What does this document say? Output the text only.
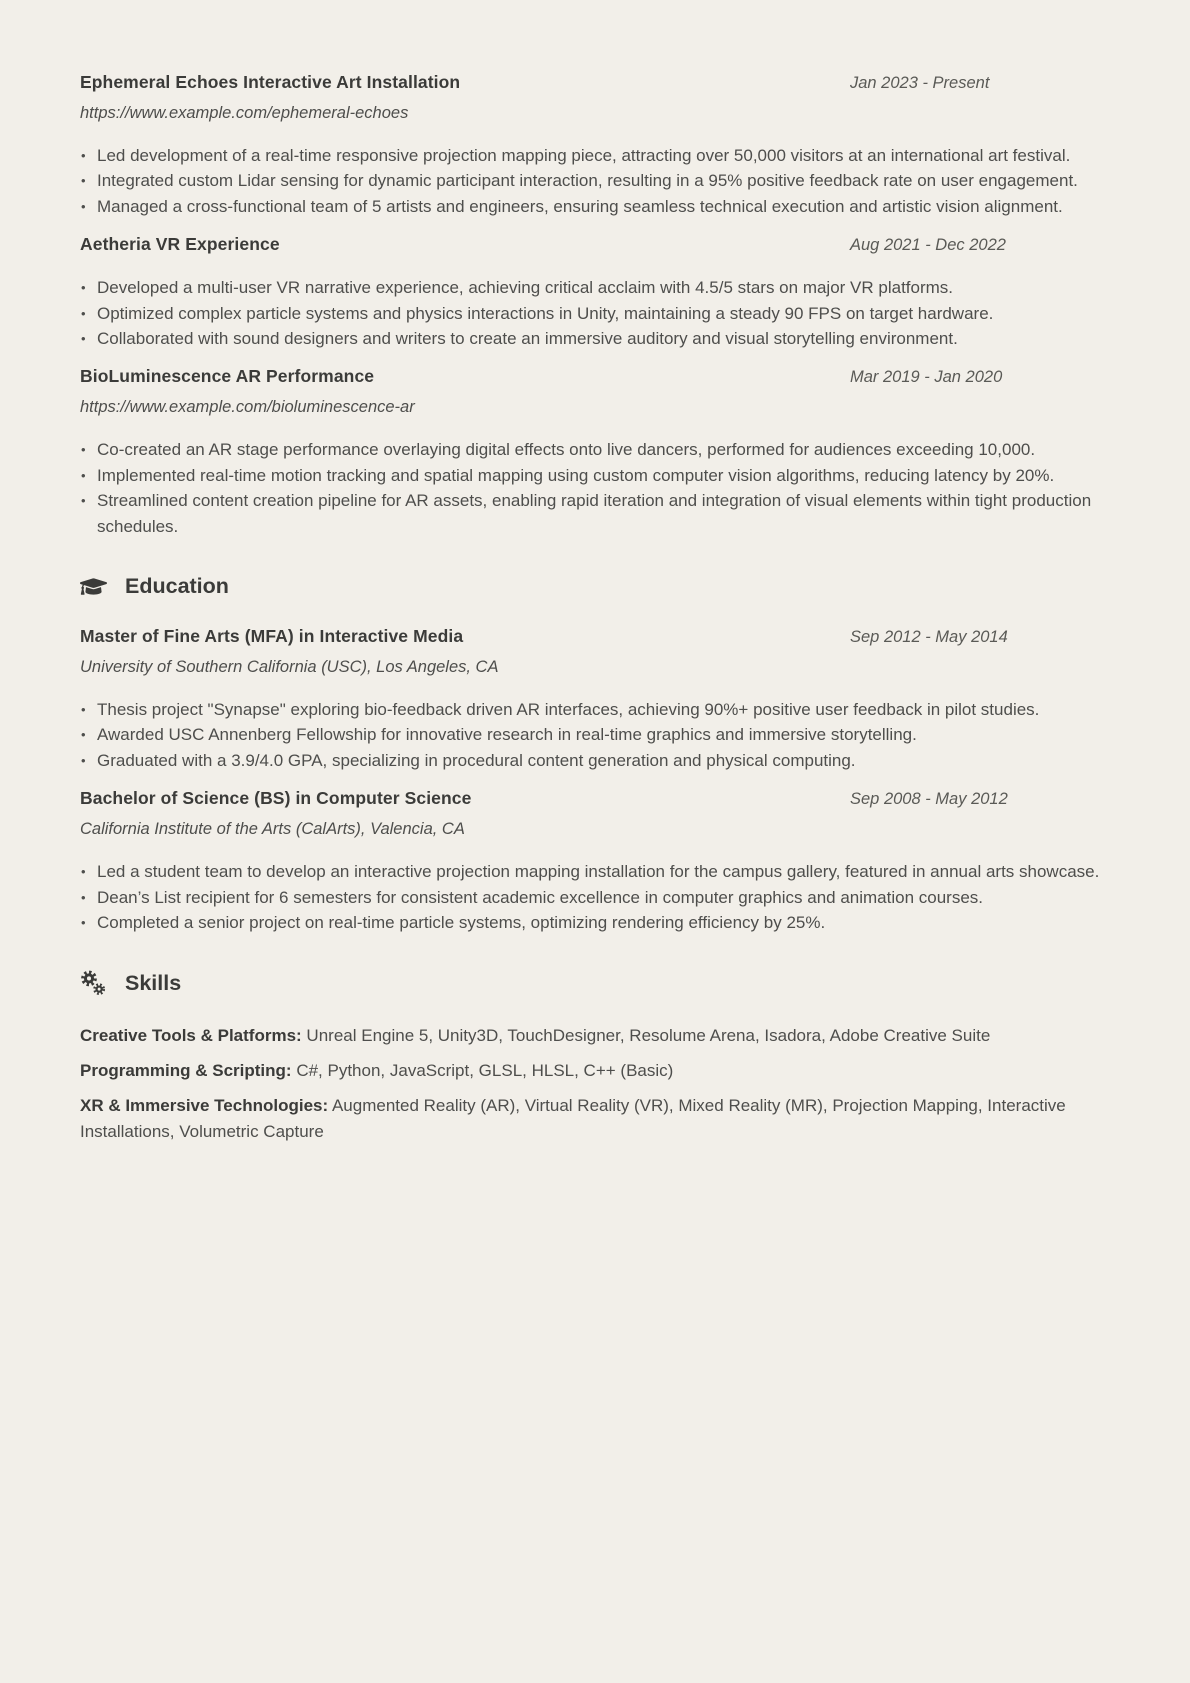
Ephemeral Echoes Interactive Art Installation	Jan 2023 - Present
https://www.example.com/ephemeral-echoes
• Led development of a real-time responsive projection mapping piece, attracting over 50,000 visitors at an international art festival.
• Integrated custom Lidar sensing for dynamic participant interaction, resulting in a 95% positive feedback rate on user engagement.
• Managed a cross-functional team of 5 artists and engineers, ensuring seamless technical execution and artistic vision alignment.
Aetheria VR Experience	Aug 2021 - Dec 2022
• Developed a multi-user VR narrative experience, achieving critical acclaim with 4.5/5 stars on major VR platforms.
• Optimized complex particle systems and physics interactions in Unity, maintaining a steady 90 FPS on target hardware.
• Collaborated with sound designers and writers to create an immersive auditory and visual storytelling environment.
BioLuminescence AR Performance	Mar 2019 - Jan 2020
https://www.example.com/bioluminescence-ar
• Co-created an AR stage performance overlaying digital effects onto live dancers, performed for audiences exceeding 10,000.
• Implemented real-time motion tracking and spatial mapping using custom computer vision algorithms, reducing latency by 20%.
• Streamlined content creation pipeline for AR assets, enabling rapid iteration and integration of visual elements within tight production schedules.
Education
Master of Fine Arts (MFA) in Interactive Media	Sep 2012 - May 2014
University of Southern California (USC), Los Angeles, CA
• Thesis project "Synapse" exploring bio-feedback driven AR interfaces, achieving 90%+ positive user feedback in pilot studies.
• Awarded USC Annenberg Fellowship for innovative research in real-time graphics and immersive storytelling.
• Graduated with a 3.9/4.0 GPA, specializing in procedural content generation and physical computing.
Bachelor of Science (BS) in Computer Science	Sep 2008 - May 2012
California Institute of the Arts (CalArts), Valencia, CA
• Led a student team to develop an interactive projection mapping installation for the campus gallery, featured in annual arts showcase.
• Dean’s List recipient for 6 semesters for consistent academic excellence in computer graphics and animation courses.
• Completed a senior project on real-time particle systems, optimizing rendering efficiency by 25%.
Skills

Creative Tools & Platforms: Unreal Engine 5, Unity3D, TouchDesigner, Resolume Arena, Isadora, Adobe Creative Suite

Programming & Scripting: C#, Python, JavaScript, GLSL, HLSL, C++ (Basic)

XR & Immersive Technologies: Augmented Reality (AR), Virtual Reality (VR), Mixed Reality (MR), Projection Mapping, Interactive Installations, Volumetric Capture
